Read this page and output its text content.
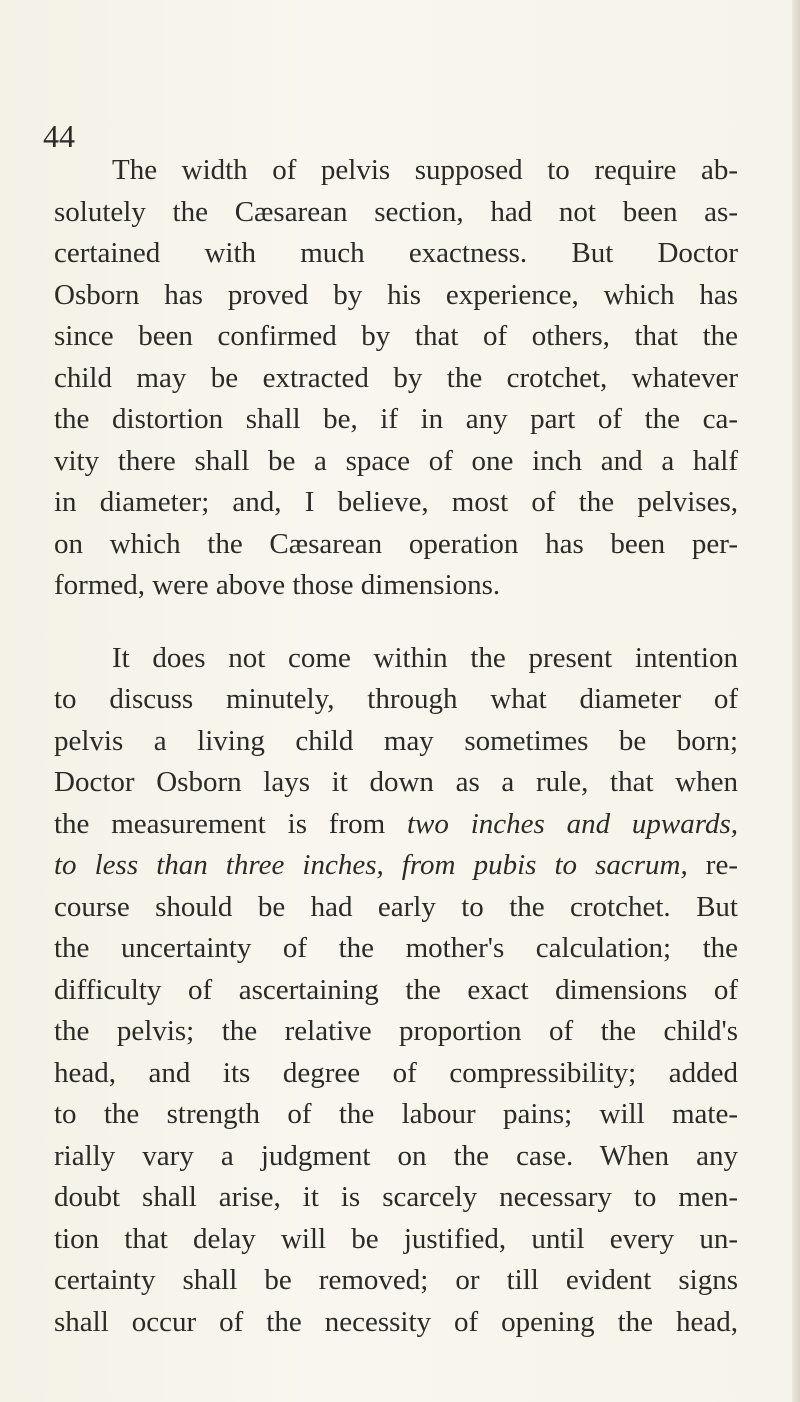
44
The width of pelvis supposed to require ab-
solutely the Cæsarean section, had not been as-
certained with much exactness. But Doctor
Osborn has proved by his experience, which has
since been confirmed by that of others, that the
child may be extracted by the crotchet, whatever
the distortion shall be, if in any part of the ca-
vity there shall be a space of one inch and a half
in diameter; and, I believe, most of the pelvises,
on which the Cæsarean operation has been per-
formed, were above those dimensions.
It does not come within the present intention
to discuss minutely, through what diameter of
pelvis a living child may sometimes be born;
Doctor Osborn lays it down as a rule, that when
the measurement is from two inches and upwards,
to less than three inches, from pubis to sacrum, re-
course should be had early to the crotchet. But
the uncertainty of the mother's calculation; the
difficulty of ascertaining the exact dimensions of
the pelvis; the relative proportion of the child's
head, and its degree of compressibility; added
to the strength of the labour pains; will mate-
rially vary a judgment on the case. When any
doubt shall arise, it is scarcely necessary to men-
tion that delay will be justified, until every un-
certainty shall be removed; or till evident signs
shall occur of the necessity of opening the head,
